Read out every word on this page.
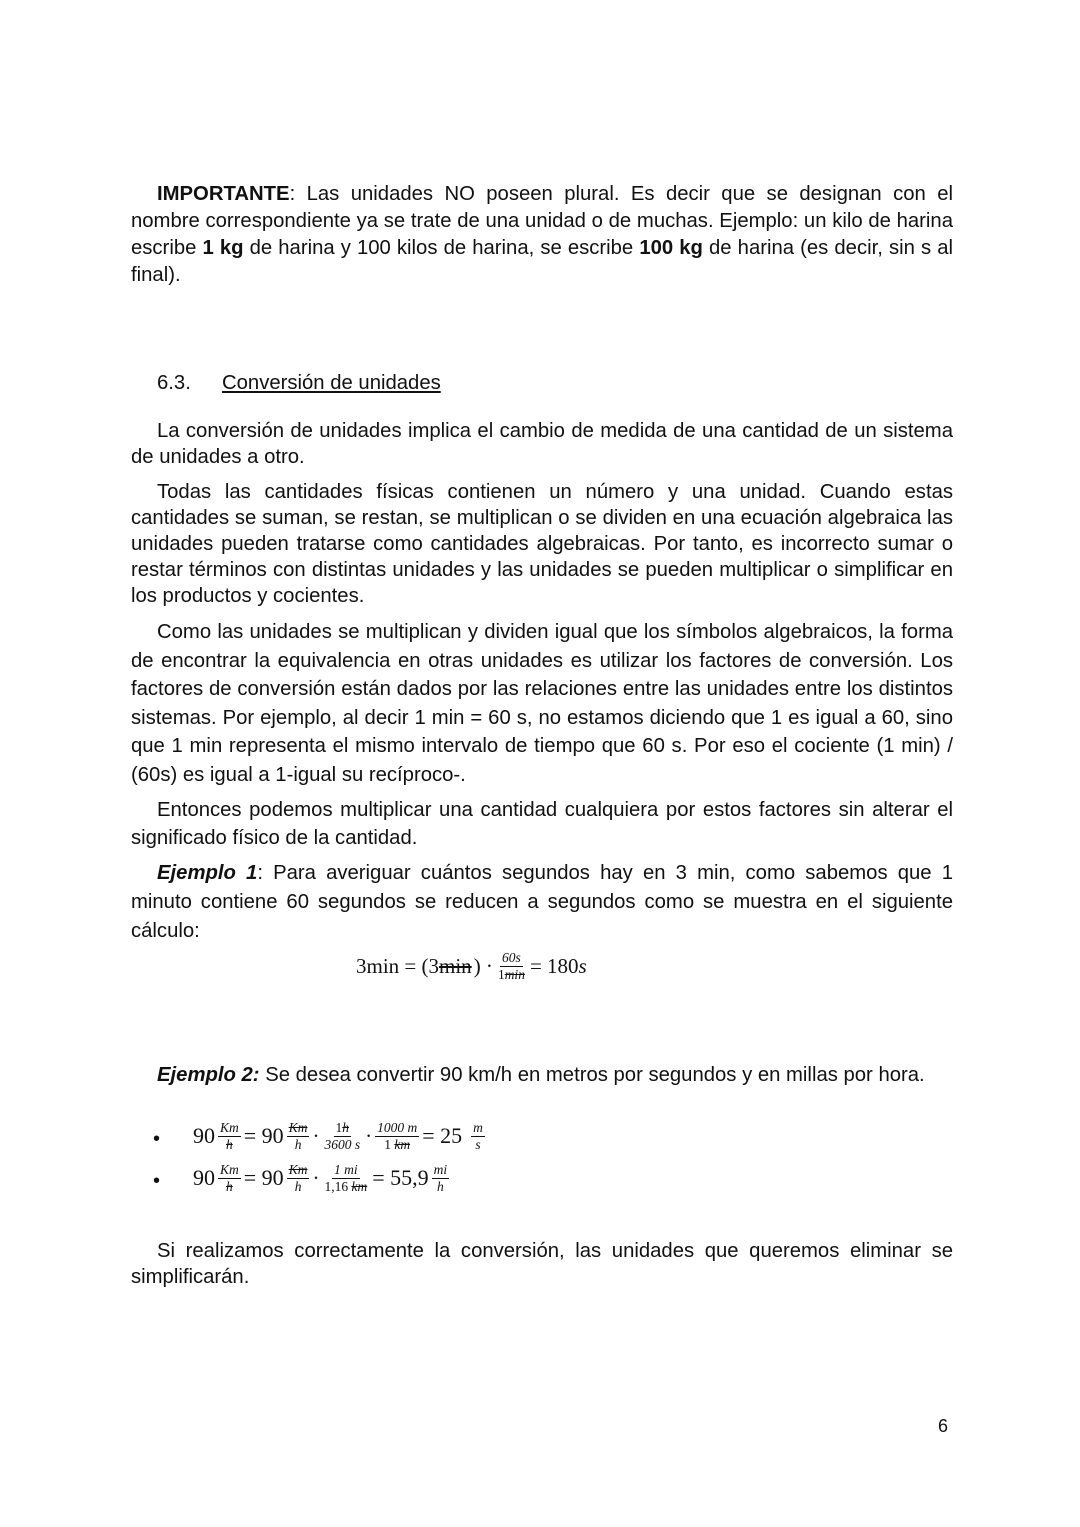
IMPORTANTE: Las unidades NO poseen plural. Es decir que se designan con el nombre correspondiente ya se trate de una unidad o de muchas. Ejemplo: un kilo de harina escribe 1 kg de harina y 100 kilos de harina, se escribe 100 kg de harina (es decir, sin s al final).

6.3. Conversión de unidades

La conversión de unidades implica el cambio de medida de una cantidad de un sistema de unidades a otro.

Todas las cantidades físicas contienen un número y una unidad. Cuando estas cantidades se suman, se restan, se multiplican o se dividen en una ecuación algebraica las unidades pueden tratarse como cantidades algebraicas. Por tanto, es incorrecto sumar o restar términos con distintas unidades y las unidades se pueden multiplicar o simplificar en los productos y cocientes.

Como las unidades se multiplican y dividen igual que los símbolos algebraicos, la forma de encontrar la equivalencia en otras unidades es utilizar los factores de conversión. Los factores de conversión están dados por las relaciones entre las unidades entre los distintos sistemas. Por ejemplo, al decir 1 min = 60 s, no estamos diciendo que 1 es igual a 60, sino que 1 min representa el mismo intervalo de tiempo que 60 s. Por eso el cociente (1 min) / (60s) es igual a 1-igual su recíproco-.

Entonces podemos multiplicar una cantidad cualquiera por estos factores sin alterar el significado físico de la cantidad.

Ejemplo 1: Para averiguar cuántos segundos hay en 3 min, como sabemos que 1 minuto contiene 60 segundos se reducen a segundos como se muestra en el siguiente cálculo:

3min = (3 min ) · 60s
1min = 180 s

Ejemplo 2: Se desea convertir 90 km/h en metros por segundos y en millas por hora.

• $90 \frac{Km}{h} = 90 \frac{Km}{h} \cdot 1h$
3600 $s \cdot \frac{1000 m}{1 km} = 25 \frac{m}{s}$
• $90 \frac{Km}{h} = 90 \frac{Km}{h} \cdot \frac{1 mi}{1,16 km} = 55,9 \frac{mi}{h}$

Si realizamos correctamente la conversión, las unidades que queremos eliminar se simplificarán.

6
